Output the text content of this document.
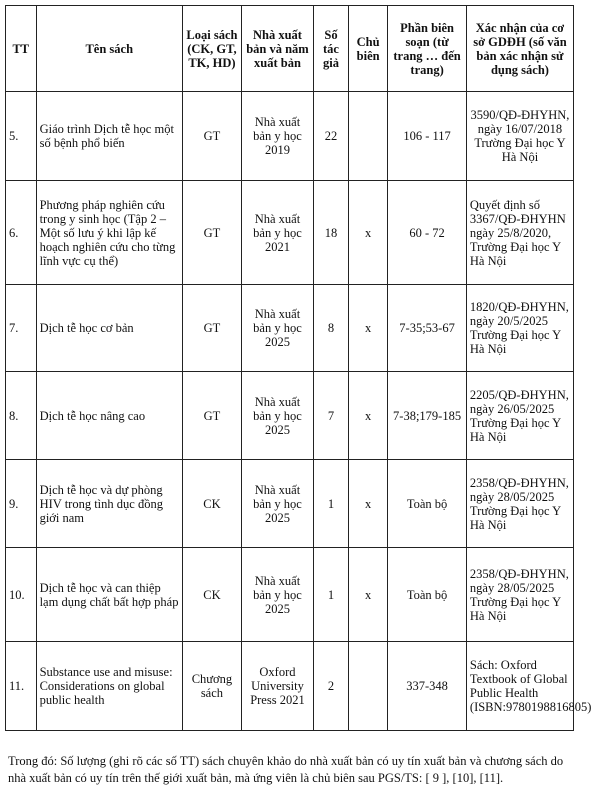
TT	Tên sách	Loại sách (CK, GT, TK, HD)	Nhà xuất bản và năm xuất bản	Số tác giả	Chủ biên	Phần biên soạn (từ trang … đến trang)	Xác nhận của cơ sở GDĐH (số văn bản xác nhận sử dụng sách)
5.	Giáo trình Dịch tễ học một số bệnh phổ biến	GT	Nhà xuất bản y học 2019	22		106 - 117	3590/QĐ-ĐHYHN, ngày 16/07/2018 Trường Đại học Y Hà Nội
6.	Phương pháp nghiên cứu trong y sinh học (Tập 2 – Một số lưu ý khi lập kế hoạch nghiên cứu cho từng lĩnh vực cụ thể)	GT	Nhà xuất bản y học 2021	18	x	60 - 72	Quyết định số 3367/QĐ-ĐHYHN ngày 25/8/2020, Trường Đại học Y Hà Nội
7.	Dịch tễ học cơ bản	GT	Nhà xuất bản y học 2025	8	x	7-35;53-67	1820/QĐ-ĐHYHN, ngày 20/5/2025 Trường Đại học Y Hà Nội
8.	Dịch tễ học nâng cao	GT	Nhà xuất bản y học 2025	7	x	7-38;179-185	2205/QĐ-ĐHYHN, ngày 26/05/2025 Trường Đại học Y Hà Nội
9.	Dịch tễ học và dự phòng HIV trong tình dục đồng giới nam	CK	Nhà xuất bản y học 2025	1	x	Toàn bộ	2358/QĐ-ĐHYHN, ngày 28/05/2025 Trường Đại học Y Hà Nội
10.	Dịch tễ học và can thiệp lạm dụng chất bất hợp pháp	CK	Nhà xuất bản y học 2025	1	x	Toàn bộ	2358/QĐ-ĐHYHN, ngày 28/05/2025 Trường Đại học Y Hà Nội
11.	Substance use and misuse: Considerations on global public health	Chương sách	Oxford University Press 2021	2		337-348	Sách: Oxford Textbook of Global Public Health (ISBN:9780198816805)

Trong đó: Số lượng (ghi rõ các số TT) sách chuyên khảo do nhà xuất bản có uy tín xuất bản và chương sách do nhà xuất bản có uy tín trên thế giới xuất bản, mà ứng viên là chủ biên sau PGS/TS: [ 9 ], [10], [11].
